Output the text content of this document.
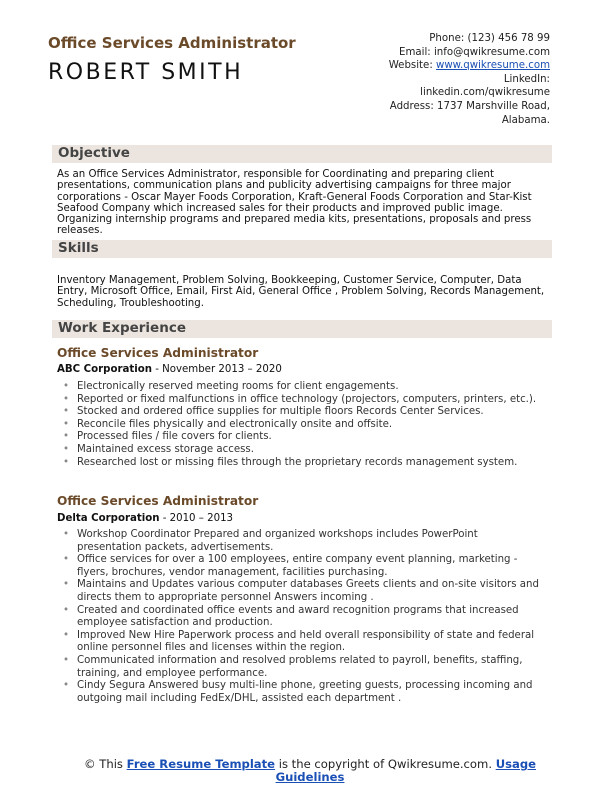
Office Services Administrator
ROBERT SMITH
Phone: (123) 456 78 99
Email: info@qwikresume.com
Website: www.qwikresume.com
LinkedIn:
linkedin.com/qwikresume
Address: 1737 Marshville Road,
Alabama.
Objective
As an Office Services Administrator, responsible for Coordinating and preparing client presentations, communication plans and publicity advertising campaigns for three major corporations - Oscar Mayer Foods Corporation, Kraft-General Foods Corporation and Star-Kist Seafood Company which increased sales for their products and improved public image. Organizing internship programs and prepared media kits, presentations, proposals and press releases.
Skills
Inventory Management, Problem Solving, Bookkeeping, Customer Service, Computer, Data Entry, Microsoft Office, Email, First Aid, General Office , Problem Solving, Records Management, Scheduling, Troubleshooting.
Work Experience
Office Services Administrator
ABC Corporation - November 2013 – 2020
• Electronically reserved meeting rooms for client engagements.
• Reported or fixed malfunctions in office technology (projectors, computers, printers, etc.).
• Stocked and ordered office supplies for multiple floors Records Center Services.
• Reconcile files physically and electronically onsite and offsite.
• Processed files / file covers for clients.
• Maintained excess storage access.
• Researched lost or missing files through the proprietary records management system.
Office Services Administrator
Delta Corporation - 2010 – 2013
• Workshop Coordinator Prepared and organized workshops includes PowerPoint presentation packets, advertisements.
• Office services for over a 100 employees, entire company event planning, marketing - flyers, brochures, vendor management, facilities purchasing.
• Maintains and Updates various computer databases Greets clients and on-site visitors and directs them to appropriate personnel Answers incoming .
• Created and coordinated office events and award recognition programs that increased employee satisfaction and production.
• Improved New Hire Paperwork process and held overall responsibility of state and federal online personnel files and licenses within the region.
• Communicated information and resolved problems related to payroll, benefits, staffing, training, and employee performance.
• Cindy Segura Answered busy multi-line phone, greeting guests, processing incoming and outgoing mail including FedEx/DHL, assisted each department .
© This Free Resume Template is the copyright of Qwikresume.com. Usage Guidelines
